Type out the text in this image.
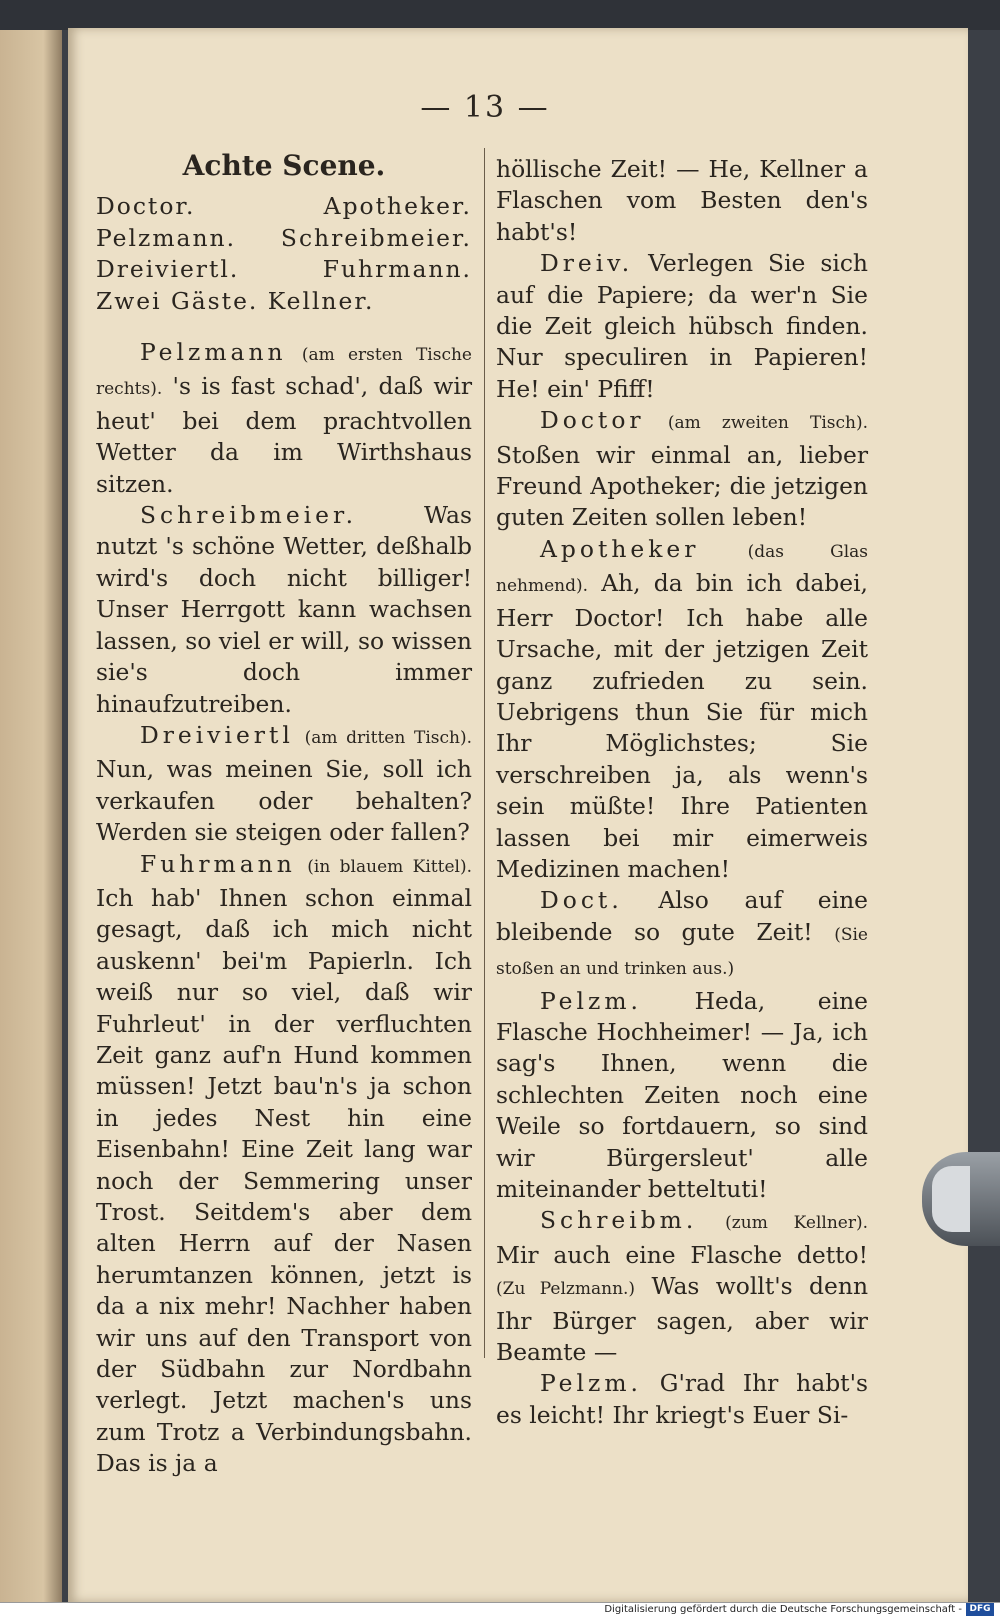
— 13 —

Achte Scene.

Doctor. Apotheker. Pelzmann. Schreibmeier. Dreiviertl. Fuhrmann. Zwei Gäste. Kellner.

Pelzmann (am ersten Tische rechts). 's is fast schad', daß wir heut' bei dem prachtvollen Wetter da im Wirthshaus sitzen.

Schreibmeier.	Was nutzt 's schöne Wetter, deßhalb wird's doch nicht billiger! Unser Herrgott kann wachsen lassen, so viel er will, so wissen sie's doch immer hinaufzutreiben.

Dreiviertl (am dritten Tisch). Nun, was meinen Sie, soll ich verkaufen oder behalten? Werden sie steigen oder fallen?

Fuhrmann (in blauem Kittel). Ich hab' Ihnen schon einmal gesagt, daß ich mich nicht auskenn' bei'm Papierln. Ich weiß nur so viel, daß wir Fuhrleut' in der verfluchten Zeit ganz auf'n Hund kommen müssen! Jetzt bau'n's ja schon in jedes Nest hin eine Eisenbahn! Eine Zeit lang war noch der Semmering unser Trost. Seitdem's aber dem alten Herrn auf der Nasen herumtanzen können, jetzt is da a nix mehr! Nachher haben wir uns auf den Transport von der Südbahn zur Nordbahn verlegt. Jetzt machen's uns zum Trotz a Verbindungsbahn. Das is ja a

höllische Zeit! — He, Kellner a Flaschen vom Besten den's habt's!

Dreiv. Verlegen Sie sich auf die Papiere; da wer'n Sie die Zeit gleich hübsch finden. Nur speculiren in Papieren! He! ein' Pfiff!

Doctor (am zweiten Tisch). Stoßen wir einmal an, lieber Freund Apotheker; die jetzigen guten Zeiten sollen leben!

Apotheker	(das Glas nehmend). Ah, da bin ich dabei, Herr Doctor! Ich habe alle Ursache, mit der jetzigen Zeit ganz zufrieden zu sein. Uebrigens thun Sie für mich Ihr Möglichstes; Sie verschreiben ja, als wenn's sein müßte! Ihre Patienten lassen bei mir eimerweis Medizinen machen!

Doct. Also auf eine bleibende so gute Zeit! (Sie stoßen an und trinken aus.)

Pelzm. Heda, eine Flasche Hochheimer! — Ja, ich sag's Ihnen, wenn die schlechten Zeiten noch eine Weile so fortdauern, so sind wir Bürgersleut' alle miteinander betteltuti!

Schreibm. (zum Kellner). Mir auch eine Flasche detto! (Zu Pelzmann.) Was wollt's denn Ihr Bürger sagen, aber wir Beamte —

Pelzm. G'rad Ihr habt's es leicht! Ihr kriegt's Euer Si-

Digitalisierung gefördert durch die Deutsche Forschungsgemeinschaft - DFG
